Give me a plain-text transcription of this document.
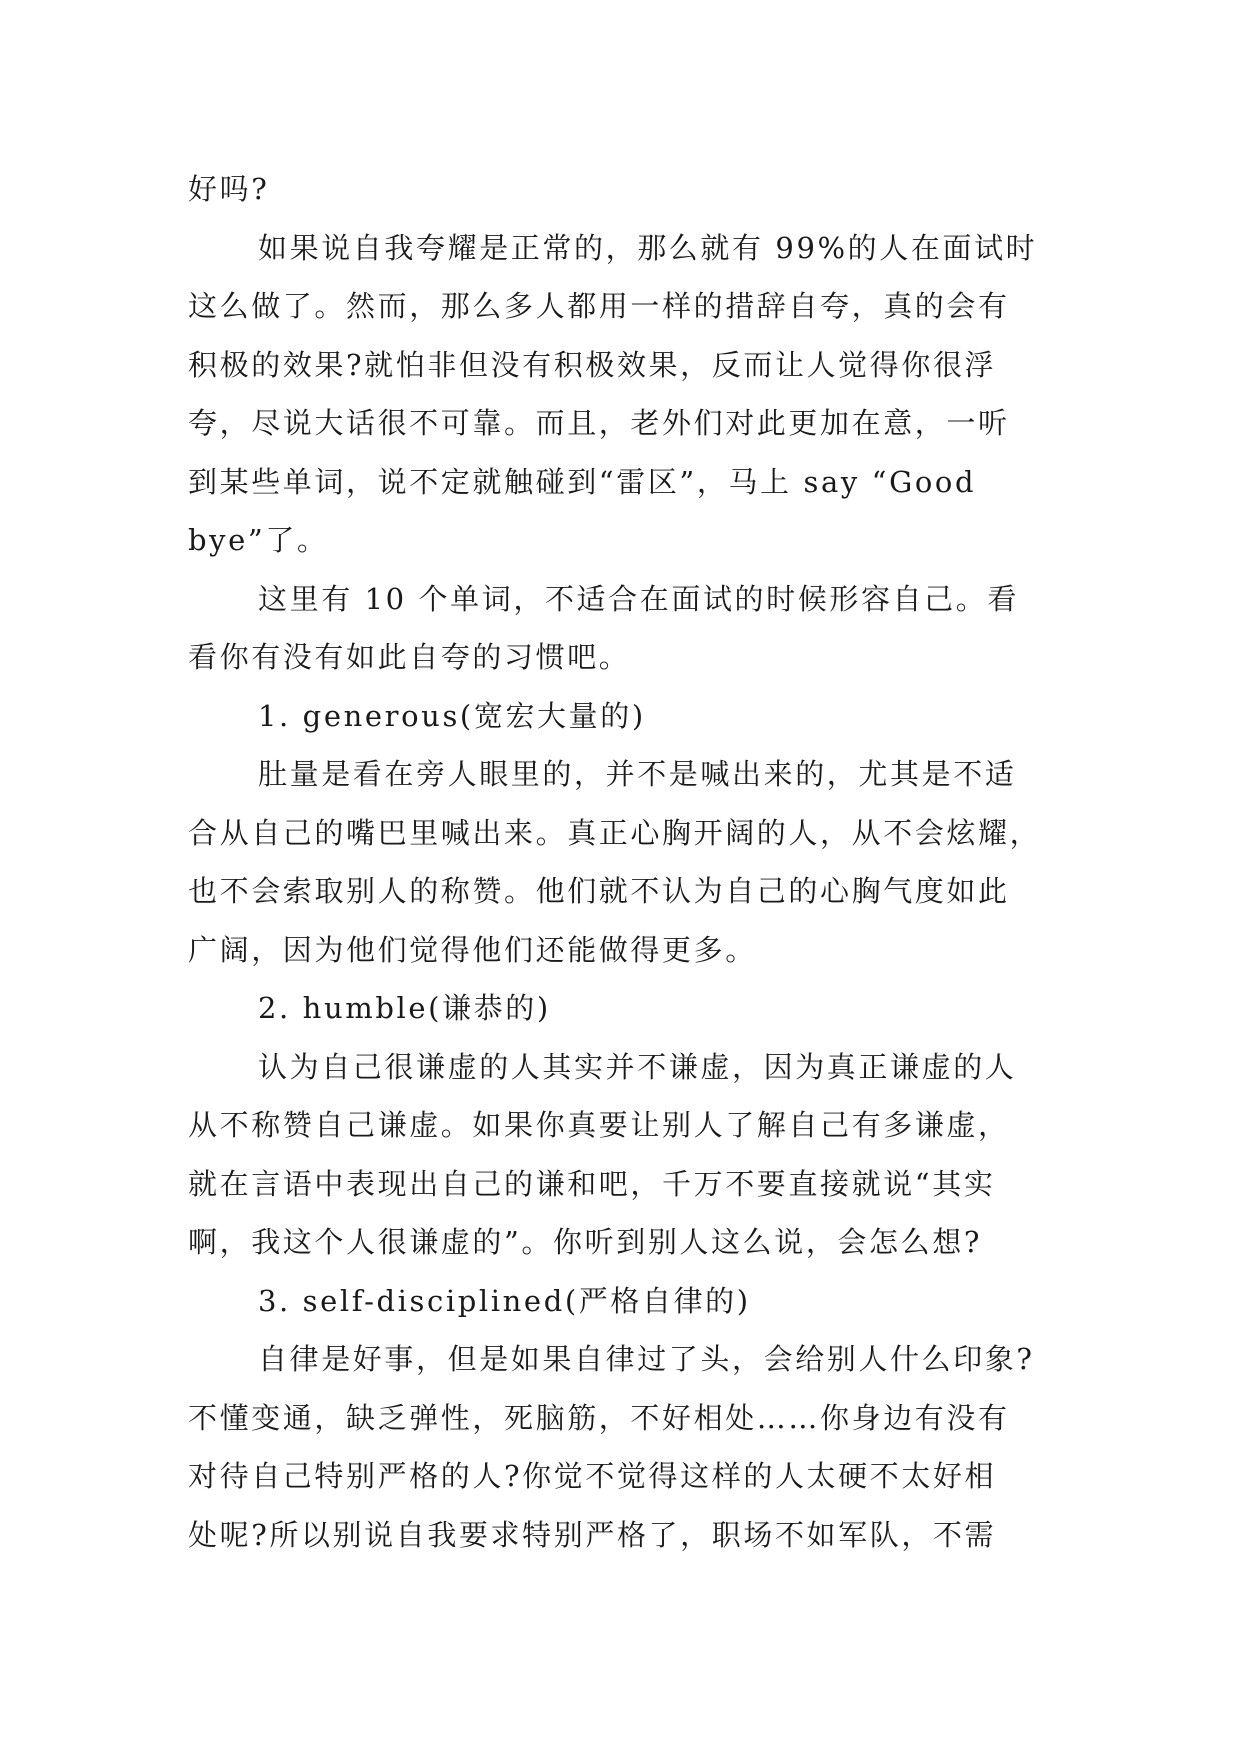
好吗?
如果说自我夸耀是正常的，那么就有 99%的人在面试时
这么做了。然而，那么多人都用一样的措辞自夸，真的会有
积极的效果?就怕非但没有积极效果，反而让人觉得你很浮
夸，尽说大话很不可靠。而且，老外们对此更加在意，一听
到某些单词，说不定就触碰到“雷区”，马上 say “Good
bye”了。
这里有 10 个单词，不适合在面试的时候形容自己。看
看你有没有如此自夸的习惯吧。
1. generous(宽宏大量的)
肚量是看在旁人眼里的，并不是喊出来的，尤其是不适
合从自己的嘴巴里喊出来。真正心胸开阔的人，从不会炫耀，
也不会索取别人的称赞。他们就不认为自己的心胸气度如此
广阔，因为他们觉得他们还能做得更多。
2. humble(谦恭的)
认为自己很谦虚的人其实并不谦虚，因为真正谦虚的人
从不称赞自己谦虚。如果你真要让别人了解自己有多谦虚，
就在言语中表现出自己的谦和吧，千万不要直接就说“其实
啊，我这个人很谦虚的”。你听到别人这么说，会怎么想?
3. self-disciplined(严格自律的)
自律是好事，但是如果自律过了头，会给别人什么印象?
不懂变通，缺乏弹性，死脑筋，不好相处……你身边有没有
对待自己特别严格的人?你觉不觉得这样的人太硬不太好相
处呢?所以别说自我要求特别严格了，职场不如军队，不需
